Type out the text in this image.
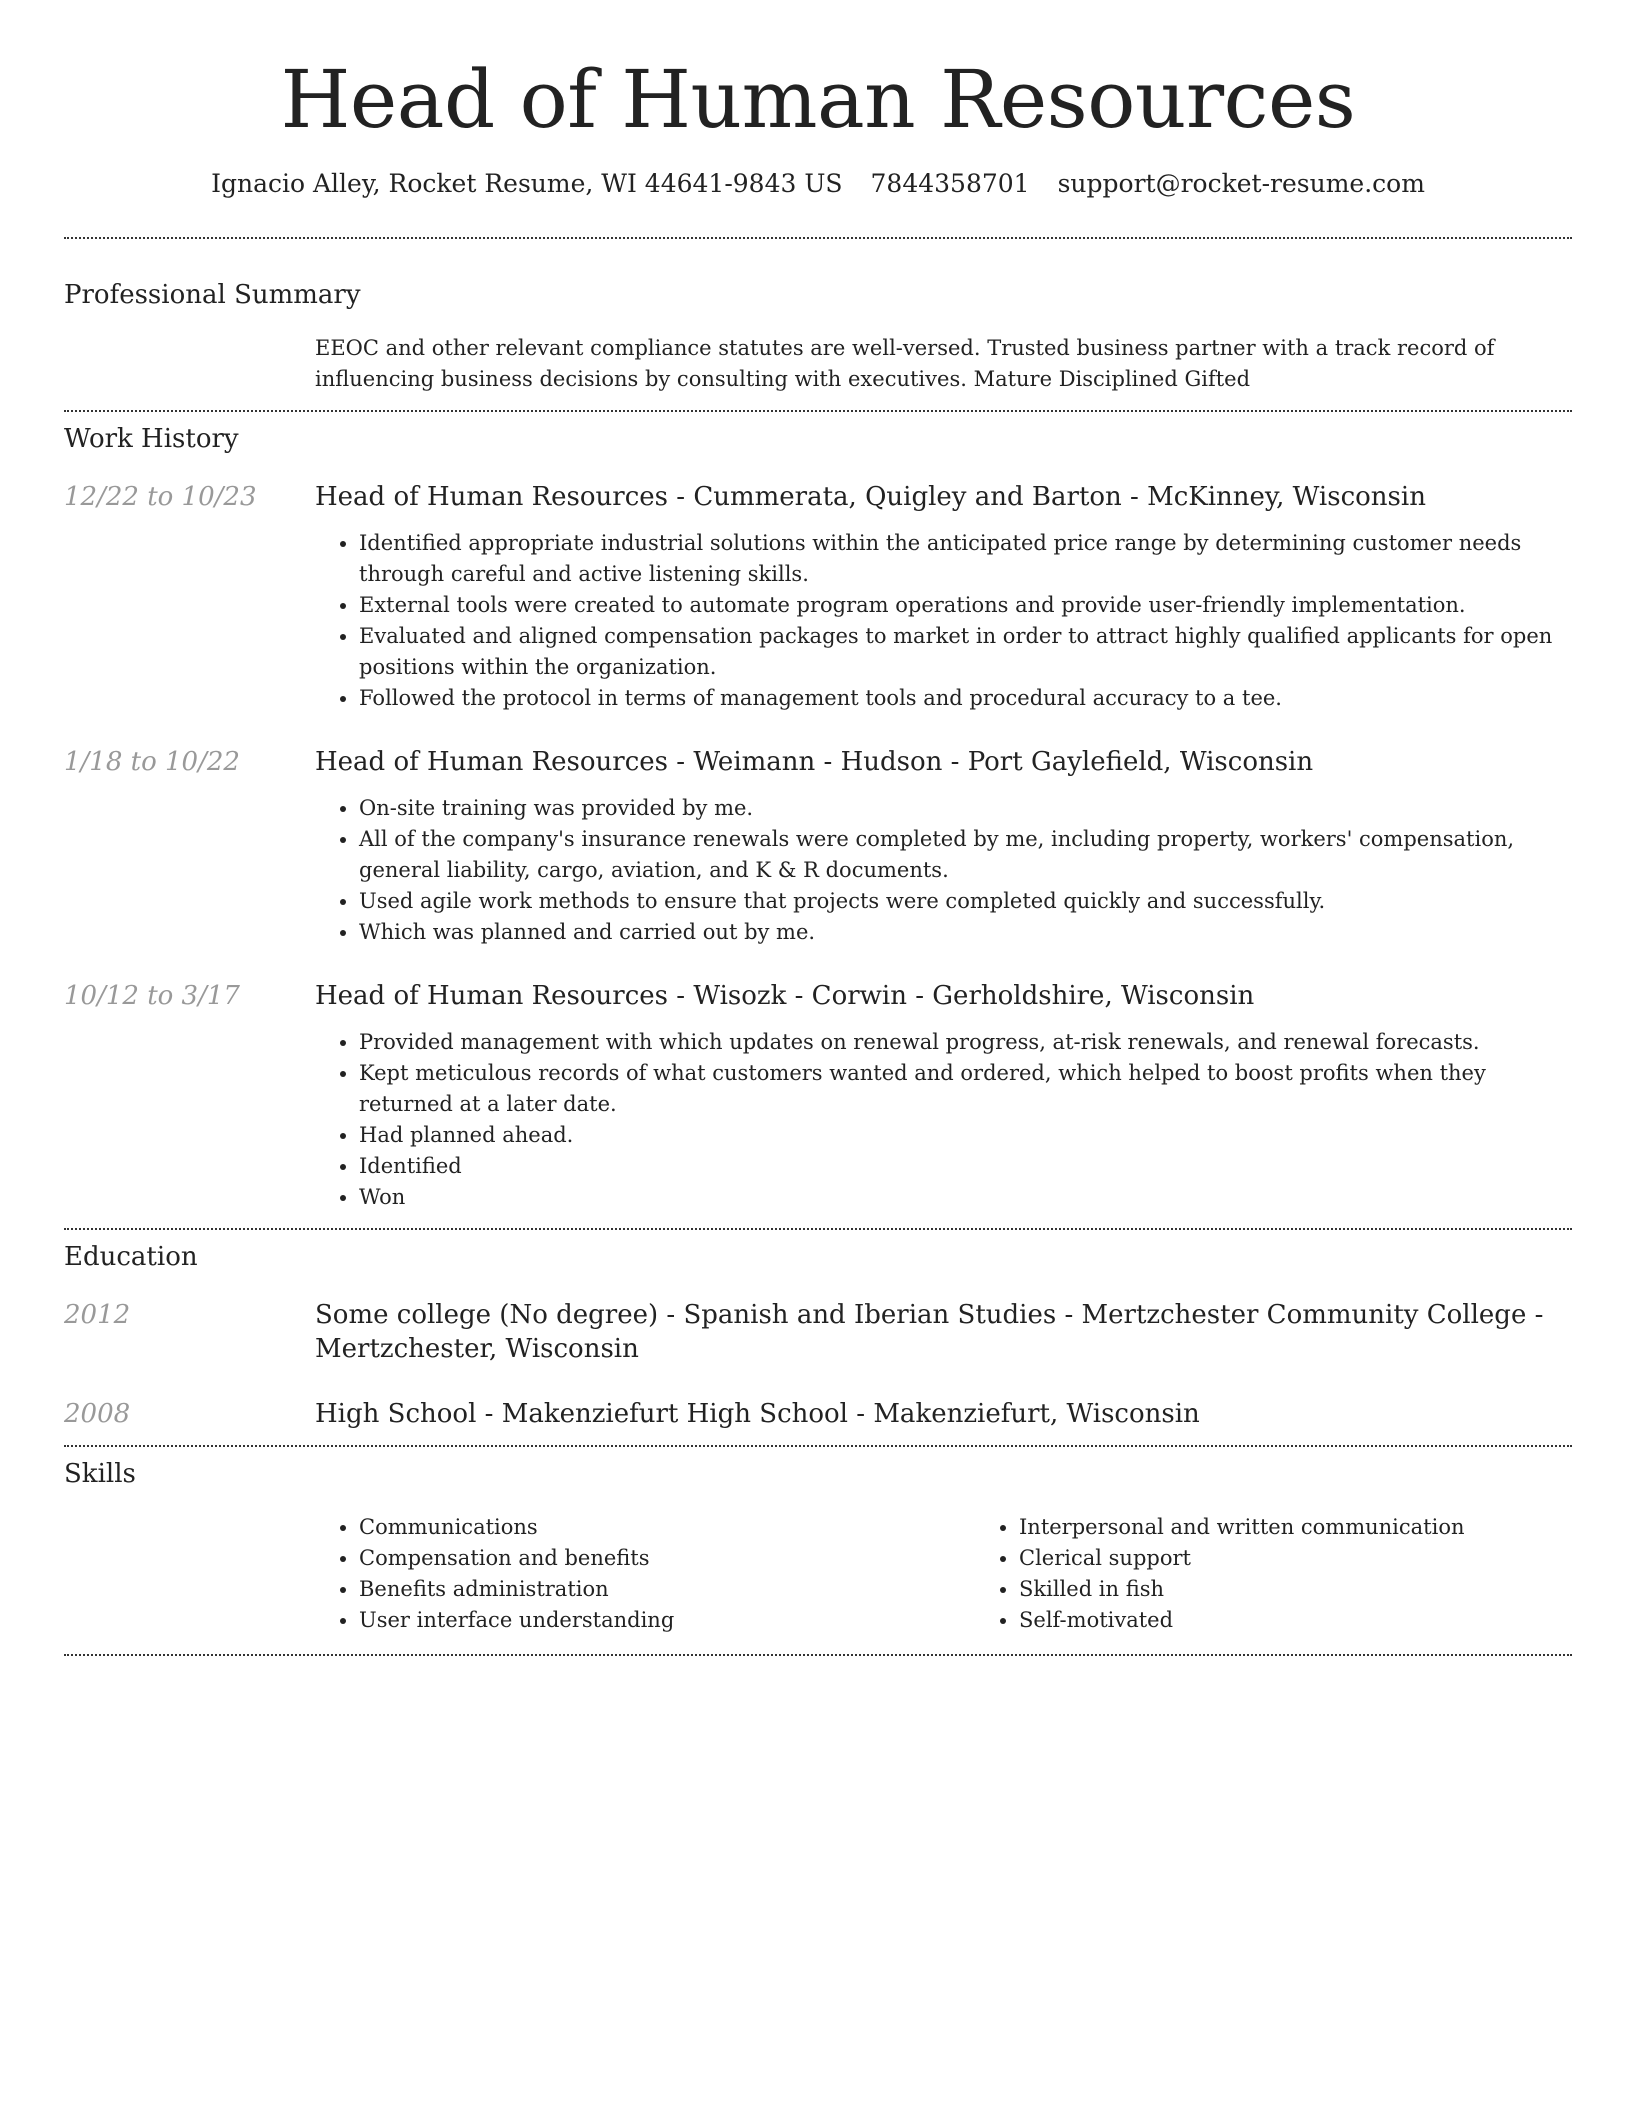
Head of Human Resources
Ignacio Alley, Rocket Resume, WI 44641-9843 US 7844358701 support@rocket-resume.com
Professional Summary
EEOC and other relevant compliance statutes are well-versed. Trusted business partner with a track record of influencing business decisions by consulting with executives. Mature Disciplined Gifted
Work History
12/22 to 10/23	Head of Human Resources - Cummerata, Quigley and Barton - McKinney, Wisconsin
• Identified appropriate industrial solutions within the anticipated price range by determining customer needs through careful and active listening skills.
• External tools were created to automate program operations and provide user-friendly implementation.
• Evaluated and aligned compensation packages to market in order to attract highly qualified applicants for open positions within the organization.
• Followed the protocol in terms of management tools and procedural accuracy to a tee.
1/18 to 10/22	Head of Human Resources - Weimann - Hudson - Port Gaylefield, Wisconsin
• On-site training was provided by me.
• All of the company's insurance renewals were completed by me, including property, workers' compensation, general liability, cargo, aviation, and K & R documents.
• Used agile work methods to ensure that projects were completed quickly and successfully.
• Which was planned and carried out by me.
10/12 to 3/17	Head of Human Resources - Wisozk - Corwin - Gerholdshire, Wisconsin
• Provided management with which updates on renewal progress, at-risk renewals, and renewal forecasts.
• Kept meticulous records of what customers wanted and ordered, which helped to boost profits when they returned at a later date.
• Had planned ahead.
• Identified
• Won
Education
2012	Some college (No degree) - Spanish and Iberian Studies - Mertzchester Community College - Mertzchester, Wisconsin
2008	High School - Makenziefurt High School - Makenziefurt, Wisconsin
Skills
• Communications
• Compensation and benefits
• Benefits administration
• User interface understanding
• Interpersonal and written communication
• Clerical support
• Skilled in fish
• Self-motivated
